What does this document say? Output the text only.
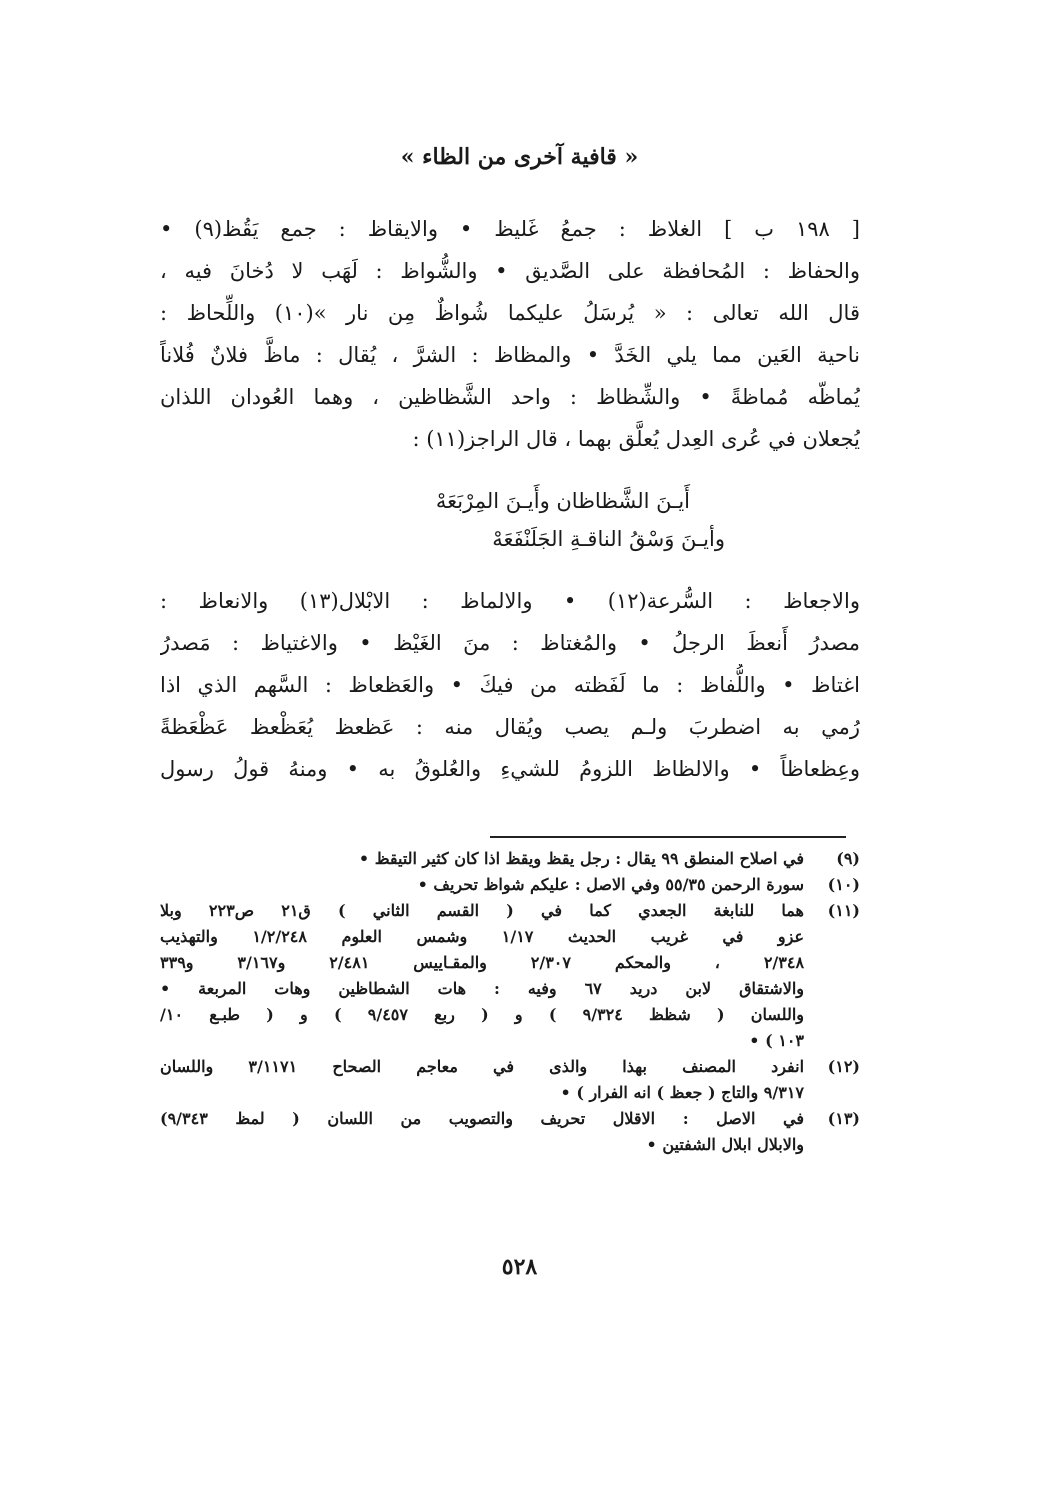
« قافية آخرى من الظاء »
[ ١٩٨ ب ] الغلاظ : جمعُ غَليظ • والايقاظ : جمع يَقُظ(٩) •
والحفاظ : المُحافظة على الصَّديق • والشُّواظ : لَهَب لا دُخانَ فيه ،
قال الله تعالى : « يُرسَلُ عليكما شُواظٌ مِن نار »(١٠) واللِّحاظ :
ناحية العَين مما يلي الخَدَّ • والمظاظ : الشرَّ ، يُقال : ماظَّ فلانٌ فُلاناً
يُماظّه مُماظةً • والشِّظاظ : واحد الشَّظاظين ، وهما العُودان اللذان
يُجعلان في عُرى العِدل يُعلَّق بهما ، قال الراجز(١١) :
أَيـنَ الشَّظاظان وأَيـنَ المِرْبَعَهْ
وأيـنَ وَسْقُ الناقـةِ الجَلَنْفَعَهْ
والاجعاظ : السُّرعة(١٢) • والالماظ : الابْلال(١٣) والانعاظ :
مصدرُ أَنعظَ الرجلُ • والمُغتاظ : منَ الغَيْظ • والاغتياظ : مَصدرُ
اغتاظ • واللُّفاظ : ما لَفَظته من فيكَ • والعَظعاظ : السَّهم الذي اذا
رُمي به اضطربَ ولـم يصب ويُقال منه : عَظعظ يُعَظْعظ عَظْعَظةً
وعِظعاظاً • والالظاظ اللزومُ للشيءِ والعُلوقُ به • ومنهُ قولُ رسول
(٩)
في اصلاح المنطق ٩٩ يقال : رجل يقظ ويقظ اذا كان كثير التيقظ •
(١٠)
سورة الرحمن ٥٥/٣٥ وفي الاصل : عليكم شواظ تحريف •
(١١)
هما للنابغة الجعدي كما في ( القسم الثاني ) ق٢١ ص٢٢٣ وبلا
عزو في غريب الحديث ١/١٧ وشمس العلوم ١/٢/٢٤٨ والتهذيب
٢/٣٤٨ ، والمحكم ٢/٣٠٧ والمقـاييس ٢/٤٨١ و٣/١٦٧ و٣٣٩
والاشتقاق لابن دريد ٦٧ وفيه : هات الشطاظين وهات المربعة •
واللسان ( شظظ ٩/٣٢٤ ) و ( ربع ٩/٤٥٧ ) و ( طبـع ١٠/
١٠٣ ) •
(١٢)
انفرد المصنف بهذا والذى في معاجم الصحاح ٣/١١٧١ واللسان
٩/٣١٧ والتاج ( جعظ ) انه الفرار ) •
(١٣)
في الاصل : الاقلال تحريف والتصويب من اللسان ( لمظ ٩/٣٤٣)
والابلال ابلال الشفتين •
٥٢٨
